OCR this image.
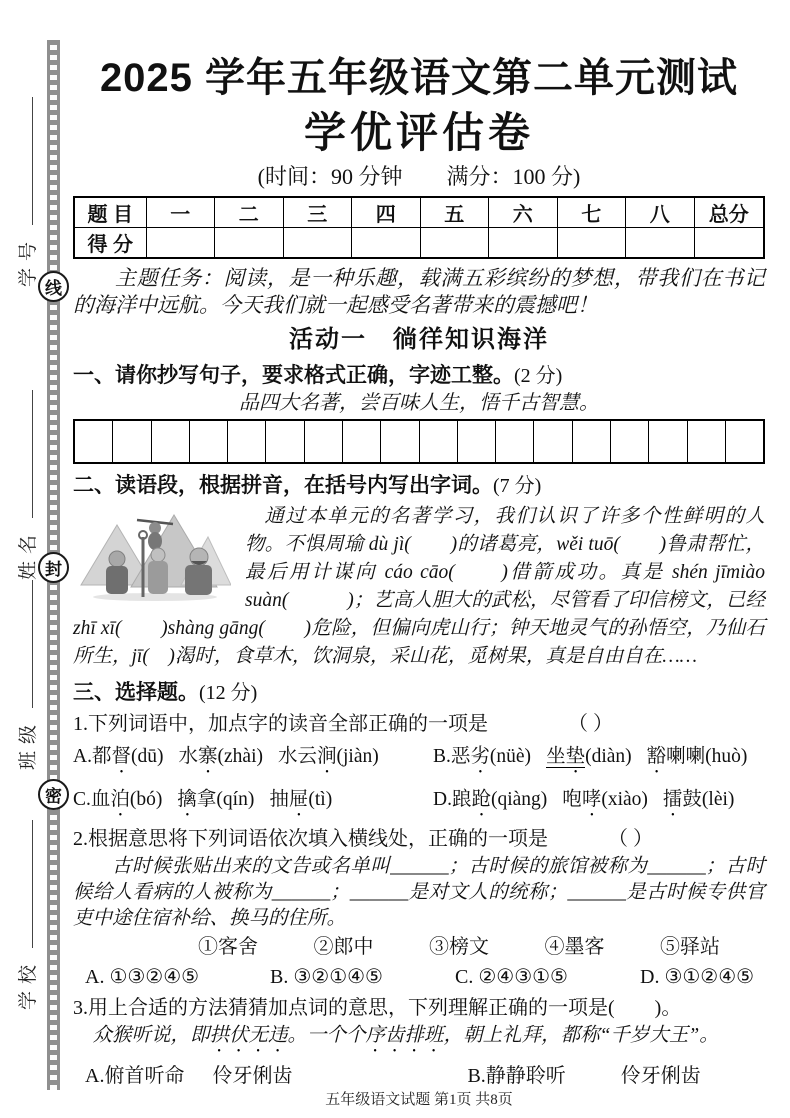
学号
姓名
班级
学校
线
封
密
2025 学年五年级语文第二单元测试
学优评估卷
(时间：90 分钟　　满分：100 分)
题 目	一	二	三	四	五	六	七	八	总分
得 分									
主题任务：阅读，是一种乐趣，载满五彩缤纷的梦想，带我们在书记的海洋中远航。今天我们就一起感受名著带来的震撼吧！
活动一　徜徉知识海洋
一、请你抄写句子，要求格式正确，字迹工整。(2 分)
品四大名著，尝百味人生，悟千古智慧。
二、读语段，根据拼音，在括号内写出字词。(7 分)

通过本单元的名著学习，我们认识了许多个性鲜明的人物。不惧周瑜 dù jì(　　)的诸葛亮，wěi tuō(　　)鲁肃帮忙，最后用计谋向 cáo cāo(　　)借箭成功。真是 shén jīmiào suàn(　　　)；艺高人胆大的武松，尽管看了印信榜文，已经 zhī xī(　　)shàng gāng(　　)危险，但偏向虎山行；钟天地灵气的孙悟空，乃仙石所生，jī(　)渴时，食草木，饮洞泉，采山花，觅树果，真是自由自在……

三、选择题。(12 分)
1.下列词语中，加点字的读音全部正确的一项是	（ ）
A.都督(dū) 水寨(zhài) 水云涧(jiàn)	B.恶劣(nüè) 坐垫(diàn) 豁喇喇(huò)
C.血泊(bó) 擒拿(qín) 抽屉(tì)	D.踉跄(qiàng) 咆哮(xiào) 擂鼓(lèi)
2.根据意思将下列词语依次填入横线处，正确的一项是	（ ）

古时候张贴出来的文告或名单叫______；古时候的旅馆被称为______；古时候给人看病的人被称为______；______是对文人的统称；______是古时候专供官吏中途住宿补给、换马的住所。

①客舍	②郎中	③榜文	④墨客	⑤驿站
A. ①③②④⑤	B. ③②①④⑤	C. ②④③①⑤	D. ③①②④⑤
3.用上合适的方法猜猜加点词的意思，下列理解正确的一项是(　　)。
众猴听说，即拱伏无违。一个个序齿排班，朝上礼拜，都称“千岁大王”。
A.俯首听命 伶牙俐齿	B.静静聆听	伶牙俐齿
五年级语文试题 第1页 共8页
